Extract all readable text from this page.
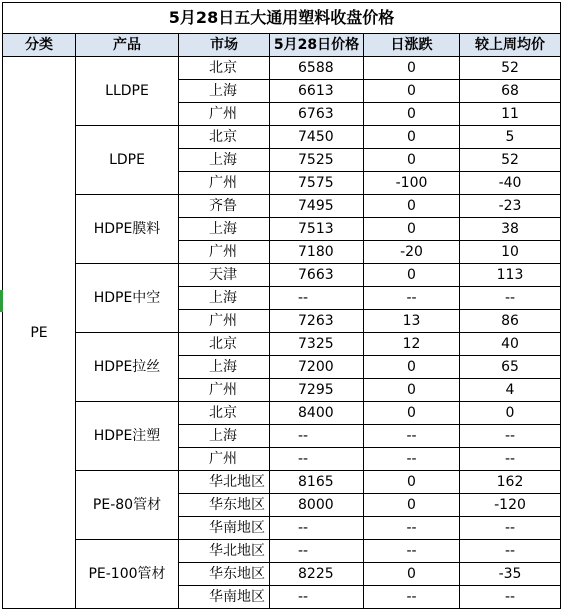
5月28日五大通用塑料收盘价格					
分类	产品	市场	5月28日价格	日涨跌	较上周均价
PE	LLDPE	北京	6588	0	52
		上海	6613	0	68
		广州	6763	0	11
	LDPE	北京	7450	0	5
		上海	7525	0	52
		广州	7575	-100	-40
	HDPE膜料	齐鲁	7495	0	-23
		上海	7513	0	38
		广州	7180	-20	10
	HDPE中空	天津	7663	0	113
		上海	--	--	--
		广州	7263	13	86
	HDPE拉丝	北京	7325	12	40
		上海	7200	0	65
		广州	7295	0	4
	HDPE注塑	北京	8400	0	0
		上海	--	--	--
		广州	--	--	--
	PE-80管材	华北地区	8165	0	162
		华东地区	8000	0	-120
		华南地区	--	--	--
	PE-100管材	华北地区	--	--	--
		华东地区	8225	0	-35
		华南地区	--	--	--
